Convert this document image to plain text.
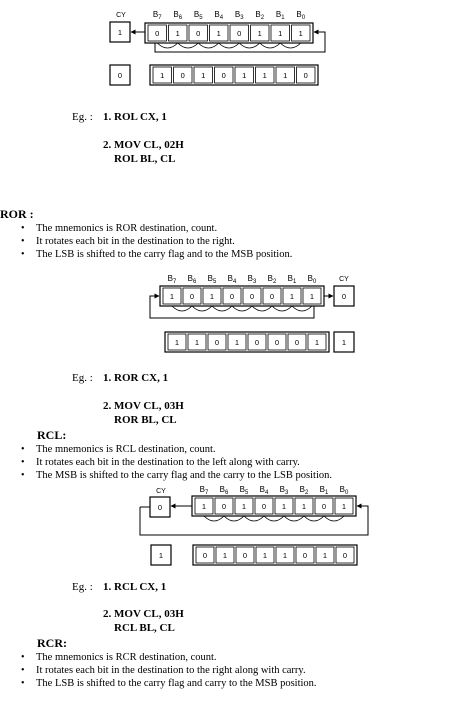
CY
1
$B_7$ $B_6$ $B_5$ $B_4$ $B_3$ $B_2$ $B_1$ $B_0$
0 1 0 1 0 1 1 1
0	1 0 1 0 1 1 1 0
$B_7$ $B_6$ $B_5$ $B_4$ $B_3$ $B_2$ $B_1$ $B_0$
1 0 1 0 0 0 1 1
CY
0
1 1 0 1 0 0 0 1	1
CY
0
$B_7$ $B_6$ $B_5$ $B_4$ $B_3$ $B_2$ $B_1$ $B_0$
1 0 1 0 1 1 0 1
1	0 1 0 1 1 0 1 0
Eg. : 1. ROL CX, 1
2. MOV CL, 02H
ROL BL, CL
ROR :
• The mnemonics is ROR destination, count.
• It rotates each bit in the destination to the right.
• The LSB is shifted to the carry flag and to the MSB position.
Eg. : 1. ROR CX, 1
2. MOV CL, 03H
ROR BL, CL
RCL:
• The mnemonics is RCL destination, count.
• It rotates each bit in the destination to the left along with carry.
• The MSB is shifted to the carry flag and the carry to the LSB position.
Eg. : 1. RCL CX, 1
2. MOV CL, 03H
RCL BL, CL
RCR:
• The mnemonics is RCR destination, count.
• It rotates each bit in the destination to the right along with carry.
• The LSB is shifted to the carry flag and carry to the MSB position.
